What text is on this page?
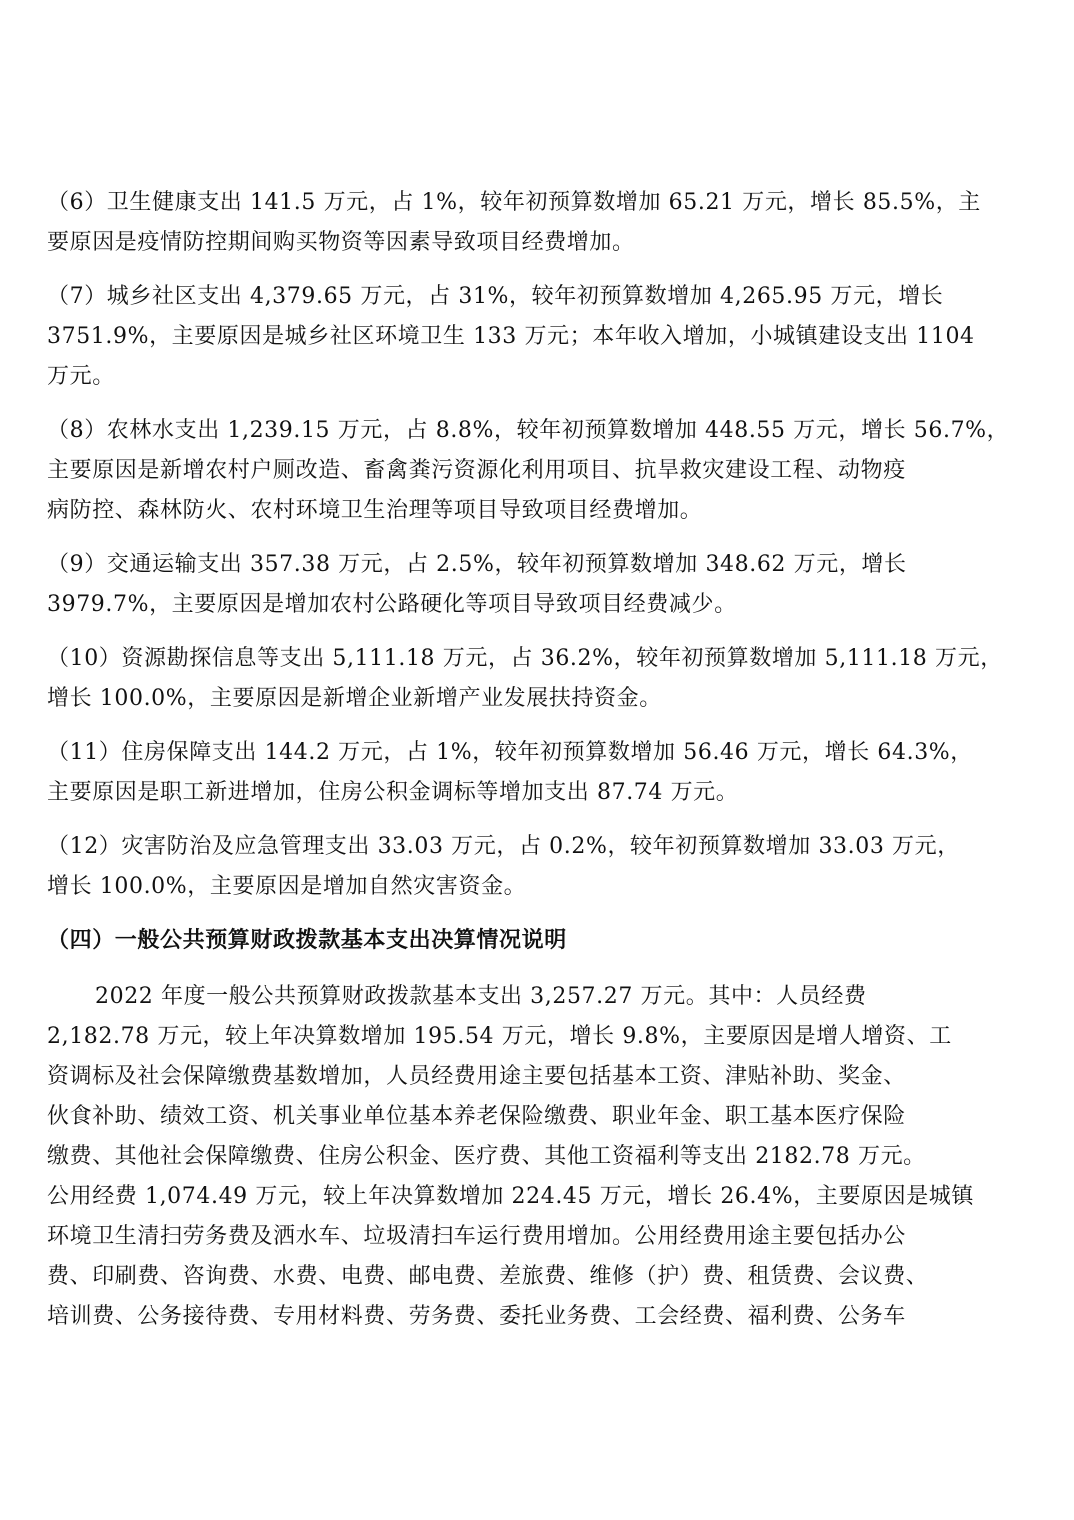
（6）卫生健康支出 141.5 万元，占 1%，较年初预算数增加 65.21 万元，增长 85.5%，主
要原因是疫情防控期间购买物资等因素导致项目经费增加。
（7）城乡社区支出 4,379.65 万元，占 31%，较年初预算数增加 4,265.95 万元，增长
3751.9%，主要原因是城乡社区环境卫生 133 万元；本年收入增加，小城镇建设支出 1104
万元。
（8）农林水支出 1,239.15 万元，占 8.8%，较年初预算数增加 448.55 万元，增长 56.7%，
主要原因是新增农村户厕改造、畜禽粪污资源化利用项目、抗旱救灾建设工程、动物疫
病防控、森林防火、农村环境卫生治理等项目导致项目经费增加。
（9）交通运输支出 357.38 万元，占 2.5%，较年初预算数增加 348.62 万元，增长
3979.7%，主要原因是增加农村公路硬化等项目导致项目经费减少。
（10）资源勘探信息等支出 5,111.18 万元，占 36.2%，较年初预算数增加 5,111.18 万元，
增长 100.0%，主要原因是新增企业新增产业发展扶持资金。
（11）住房保障支出 144.2 万元，占 1%，较年初预算数增加 56.46 万元，增长 64.3%，
主要原因是职工新进增加，住房公积金调标等增加支出 87.74 万元。
（12）灾害防治及应急管理支出 33.03 万元，占 0.2%，较年初预算数增加 33.03 万元，
增长 100.0%，主要原因是增加自然灾害资金。
（四）一般公共预算财政拨款基本支出决算情况说明
2022 年度一般公共预算财政拨款基本支出 3,257.27 万元。其中：人员经费
2,182.78 万元，较上年决算数增加 195.54 万元，增长 9.8%，主要原因是增人增资、工
资调标及社会保障缴费基数增加，人员经费用途主要包括基本工资、津贴补助、奖金、
伙食补助、绩效工资、机关事业单位基本养老保险缴费、职业年金、职工基本医疗保险
缴费、其他社会保障缴费、住房公积金、医疗费、其他工资福利等支出 2182.78 万元。
公用经费 1,074.49 万元，较上年决算数增加 224.45 万元，增长 26.4%，主要原因是城镇
环境卫生清扫劳务费及洒水车、垃圾清扫车运行费用增加。公用经费用途主要包括办公
费、印刷费、咨询费、水费、电费、邮电费、差旅费、维修（护）费、租赁费、会议费、
培训费、公务接待费、专用材料费、劳务费、委托业务费、工会经费、福利费、公务车
